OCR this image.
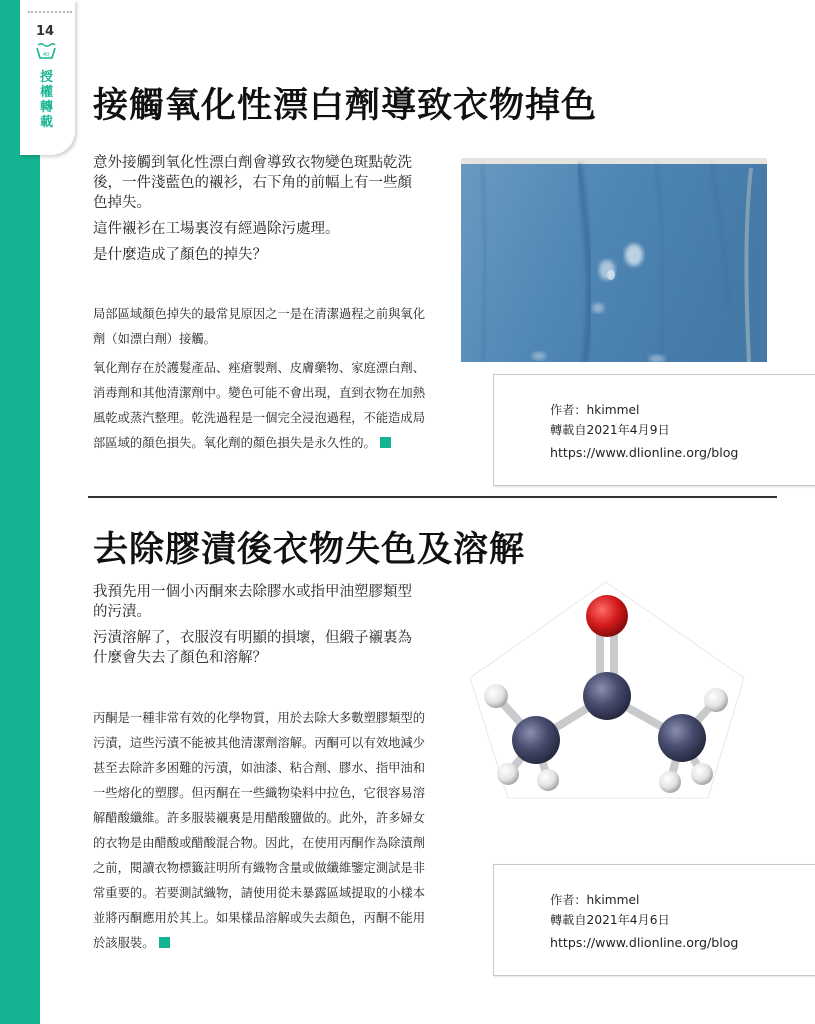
14
40
授權轉載 接觸氧化性漂白劑導致衣物掉色

意外接觸到氧化性漂白劑會導致衣物變色斑點乾洗後，一件淺藍色的襯衫，右下角的前幅上有一些顏色掉失。

這件襯衫在工場裏沒有經過除污處理。

是什麼造成了顏色的掉失？

局部區域顏色掉失的最常見原因之一是在清潔過程之前與氧化劑（如漂白劑）接觸。

氧化劑存在於護髮產品、痤瘡製劑、皮膚藥物、家庭漂白劑、消毒劑和其他清潔劑中。變色可能不會出現，直到衣物在加熱風乾或蒸汽整理。乾洗過程是一個完全浸泡過程，不能造成局部區域的顏色損失。氧化劑的顏色損失是永久性的。

作者：hkimmel
轉載自2021年4月9日
https://www.dlionline.org/blog
去除膠漬後衣物失色及溶解

我預先用一個小丙酮來去除膠水或指甲油塑膠類型的污漬。

污漬溶解了，衣服沒有明顯的損壞，但緞子襯裏為什麼會失去了顏色和溶解？

丙酮是一種非常有效的化學物質，用於去除大多數塑膠類型的污漬，這些污漬不能被其他清潔劑溶解。丙酮可以有效地減少甚至去除許多困難的污漬，如油漆、粘合劑、膠水、指甲油和一些熔化的塑膠。但丙酮在一些織物染料中拉色，它很容易溶解醋酸纖維。許多服裝襯裏是用醋酸鹽做的。此外，許多婦女的衣物是由醋酸或醋酸混合物。因此，在使用丙酮作為除漬劑之前，閱讀衣物標籤註明所有織物含量或做纖維鑒定測試是非常重要的。若要測試織物，請使用從未暴露區域提取的小樣本並將丙酮應用於其上。如果樣品溶解或失去顏色，丙酮不能用於該服裝。

作者：hkimmel
轉載自2021年4月6日
https://www.dlionline.org/blog
